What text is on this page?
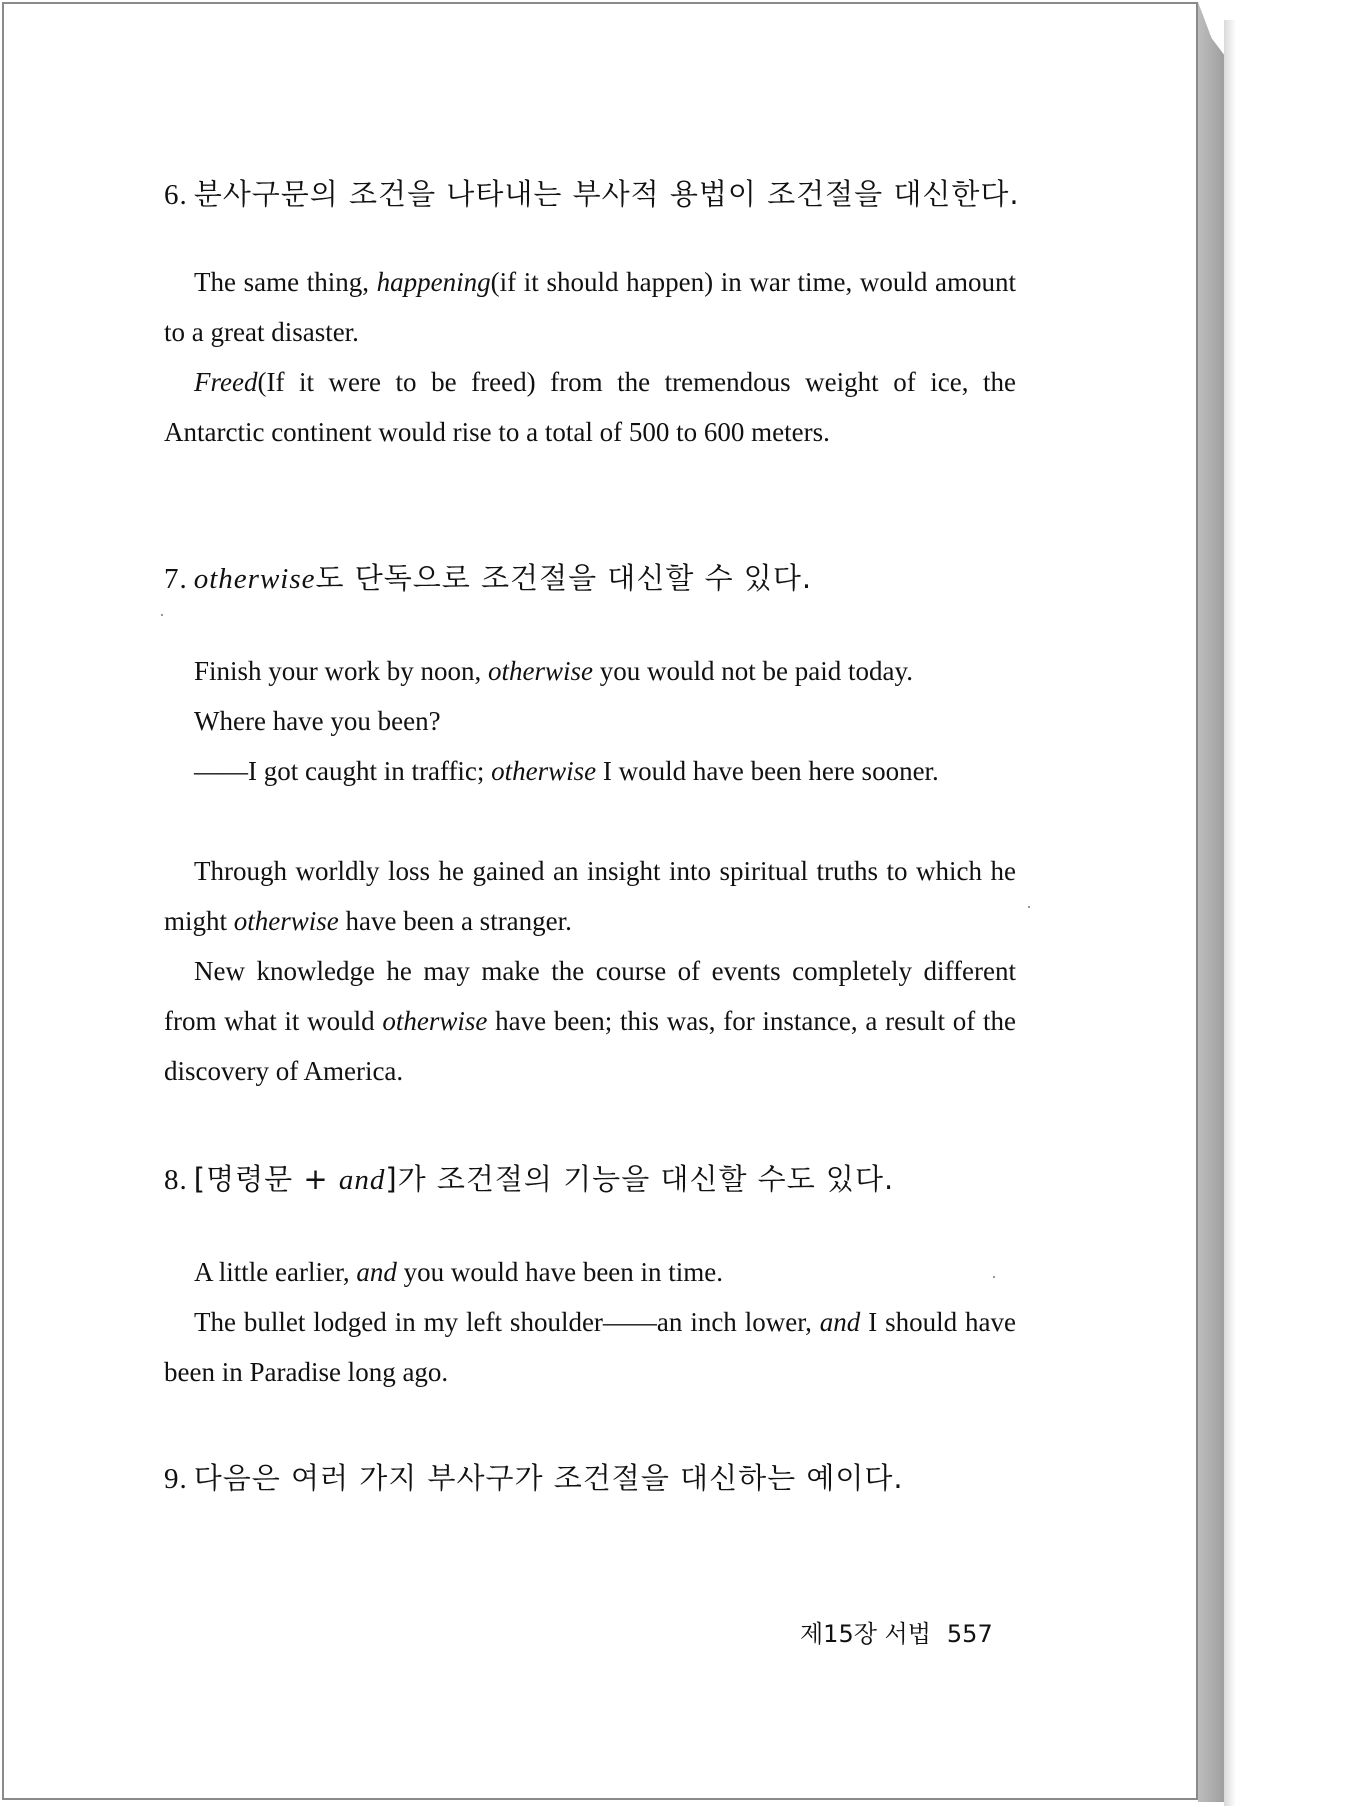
6. 분사구문의 조건을 나타내는 부사적 용법이 조건절을 대신한다.
The same thing, happening(if it should happen) in war time, would amount to a great disaster.
Freed(If it were to be freed) from the tremendous weight of ice, the Antarctic continent would rise to a total of 500 to 600 meters.
7. otherwise도 단독으로 조건절을 대신할 수 있다.
Finish your work by noon, otherwise you would not be paid today.
Where have you been?
——I got caught in traffic; otherwise I would have been here sooner.
Through worldly loss he gained an insight into spiritual truths to which he might otherwise have been a stranger.
New knowledge he may make the course of events completely different from what it would otherwise have been; this was, for instance, a result of the discovery of America.
8. [명령문 + and]가 조건절의 기능을 대신할 수도 있다.
A little earlier, and you would have been in time.
The bullet lodged in my left shoulder——an inch lower, and I should have been in Paradise long ago.
9. 다음은 여러 가지 부사구가 조건절을 대신하는 예이다.
제15장 서법 557
